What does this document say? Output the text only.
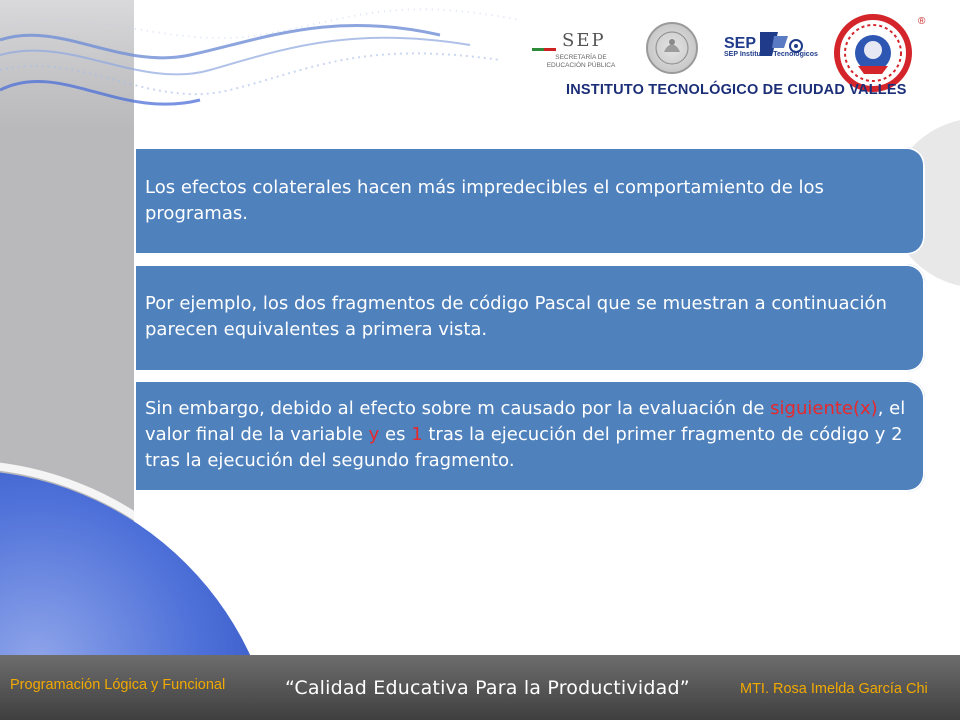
SEP
SECRETARÍA DE
EDUCACIÓN PÚBLICA
SEP
SEP Institutos Tecnológicos
®
INSTITUTO TECNOLÓGICO DE CIUDAD VALLES

Los efectos colaterales hacen más impredecibles el comportamiento de los programas.

Por ejemplo, los dos fragmentos de código Pascal que se muestran a continuación parecen equivalentes a primera vista.

Sin embargo, debido al efecto sobre m causado por la evaluación de siguiente(x), el valor final de la variable y es 1 tras la ejecución del primer fragmento de código y 2 tras la ejecución del segundo fragmento.

Programación Lógica y Funcional	“Calidad Educativa Para la Productividad”	MTI. Rosa Imelda García Chi
